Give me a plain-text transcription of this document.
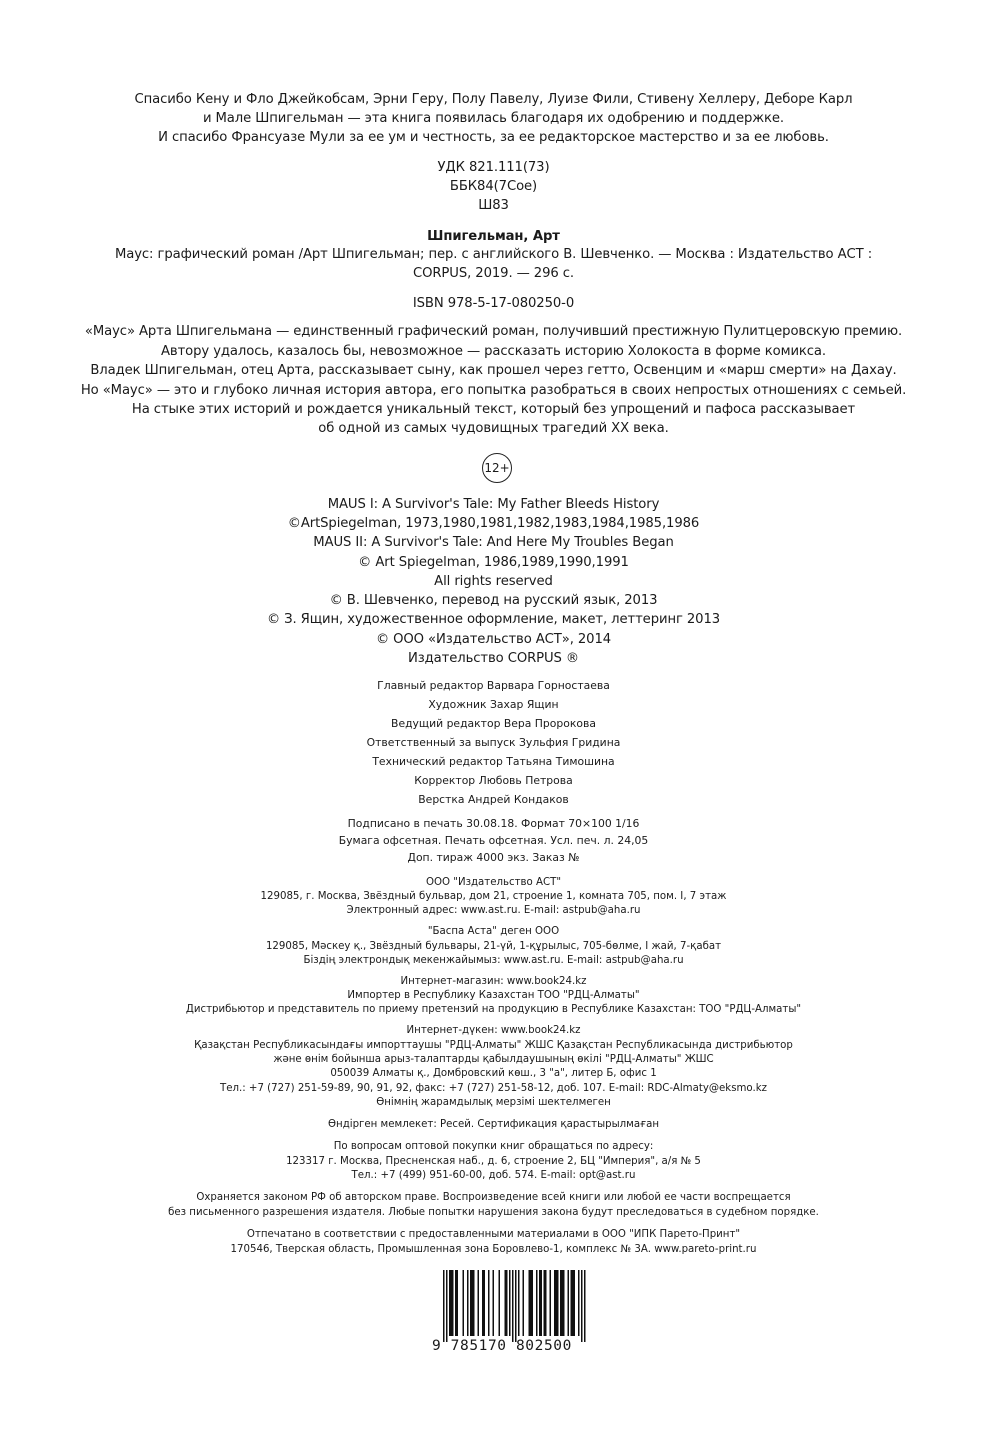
Спасибо Кену и Фло Джейкобсам, Эрни Геру, Полу Павелу, Луизе Фили, Стивену Хеллеру, Деборе Карл
и Мале Шпигельман — эта книга появилась благодаря их одобрению и поддержке.
И спасибо Франсуазе Мули за ее ум и честность, за ее редакторское мастерство и за ее любовь.
УДК 821.111(73)
ББК84(7Сое)
Ш83
Шпигельман, Арт
Маус: графический роман /Арт Шпигельман; пер. с английского В. Шевченко. — Москва : Издательство АСТ :
CORPUS, 2019. — 296 с.
ISBN 978-5-17-080250-0
«Маус» Арта Шпигельмана — единственный графический роман, получивший престижную Пулитцеровскую премию.
Автору удалось, казалось бы, невозможное — рассказать историю Холокоста в форме комикса.
Владек Шпигельман, отец Арта, рассказывает сыну, как прошел через гетто, Освенцим и «марш смерти» на Дахау.
Но «Маус» — это и глубоко личная история автора, его попытка разобраться в своих непростых отношениях с семьей.
На стыке этих историй и рождается уникальный текст, который без упрощений и пафоса рассказывает
об одной из самых чудовищных трагедий XX века.
12+
MAUS I: A Survivor's Tale: My Father Bleeds History
©ArtSpiegelman, 1973,1980,1981,1982,1983,1984,1985,1986
MAUS II: A Survivor's Tale: And Here My Troubles Began
© Art Spiegelman, 1986,1989,1990,1991
All rights reserved
© В. Шевченко, перевод на русский язык, 2013
© З. Ящин, художественное оформление, макет, леттеринг 2013
© ООО «Издательство АСТ», 2014
Издательство CORPUS ®
Главный редактор Варвара Горностаева
Художник Захар Ящин
Ведущий редактор Вера Пророкова
Ответственный за выпуск Зульфия Гридина
Технический редактор Татьяна Тимошина
Корректор Любовь Петрова
Верстка Андрей Кондаков
Подписано в печать 30.08.18. Формат 70×100 1/16
Бумага офсетная. Печать офсетная. Усл. печ. л. 24,05
Доп. тираж 4000 экз. Заказ №
ООО "Издательство АСТ"
129085, г. Москва, Звёздный бульвар, дом 21, строение 1, комната 705, пом. I, 7 этаж
Электронный адрес: www.ast.ru. E-mail: astpub@aha.ru
"Баспа Аста" деген ООО
129085, Мәскеу қ., Звёздный бульвары, 21-үй, 1-құрылыс, 705-бөлме, I жай, 7-қабат
Біздің электрондық мекенжайымыз: www.ast.ru. E-mail: astpub@aha.ru
Интернет-магазин: www.book24.kz
Импортер в Республику Казахстан ТОО "РДЦ-Алматы"
Дистрибьютор и представитель по приему претензий на продукцию в Республике Казахстан: ТОО "РДЦ-Алматы"
Интернет-дүкен: www.book24.kz
Қазақстан Республикасындағы импорттаушы "РДЦ-Алматы" ЖШС Қазақстан Республикасында дистрибьютор
және өнім бойынша арыз-талаптарды қабылдаушының өкілі "РДЦ-Алматы" ЖШС
050039 Алматы қ., Домбровский көш., 3 "а", литер Б, офис 1
Тел.: +7 (727) 251-59-89, 90, 91, 92, факс: +7 (727) 251-58-12, доб. 107. E-mail: RDC-Almaty@eksmo.kz
Өнімнің жарамдылық мерзімі шектелмеген
Өндірген мемлекет: Ресей. Сертификация қарастырылмаған
По вопросам оптовой покупки книг обращаться по адресу:
123317 г. Москва, Пресненская наб., д. 6, строение 2, БЦ "Империя", а/я № 5
Тел.: +7 (499) 951-60-00, доб. 574. E-mail: opt@ast.ru
Охраняется законом РФ об авторском праве. Воспроизведение всей книги или любой ее части воспрещается
без письменного разрешения издателя. Любые попытки нарушения закона будут преследоваться в судебном порядке.
Отпечатано в соответствии с предоставленными материалами в ООО "ИПК Парето-Принт"
170546, Тверская область, Промышленная зона Боровлево-1, комплекс № 3А. www.pareto-print.ru
9 785170 802500
